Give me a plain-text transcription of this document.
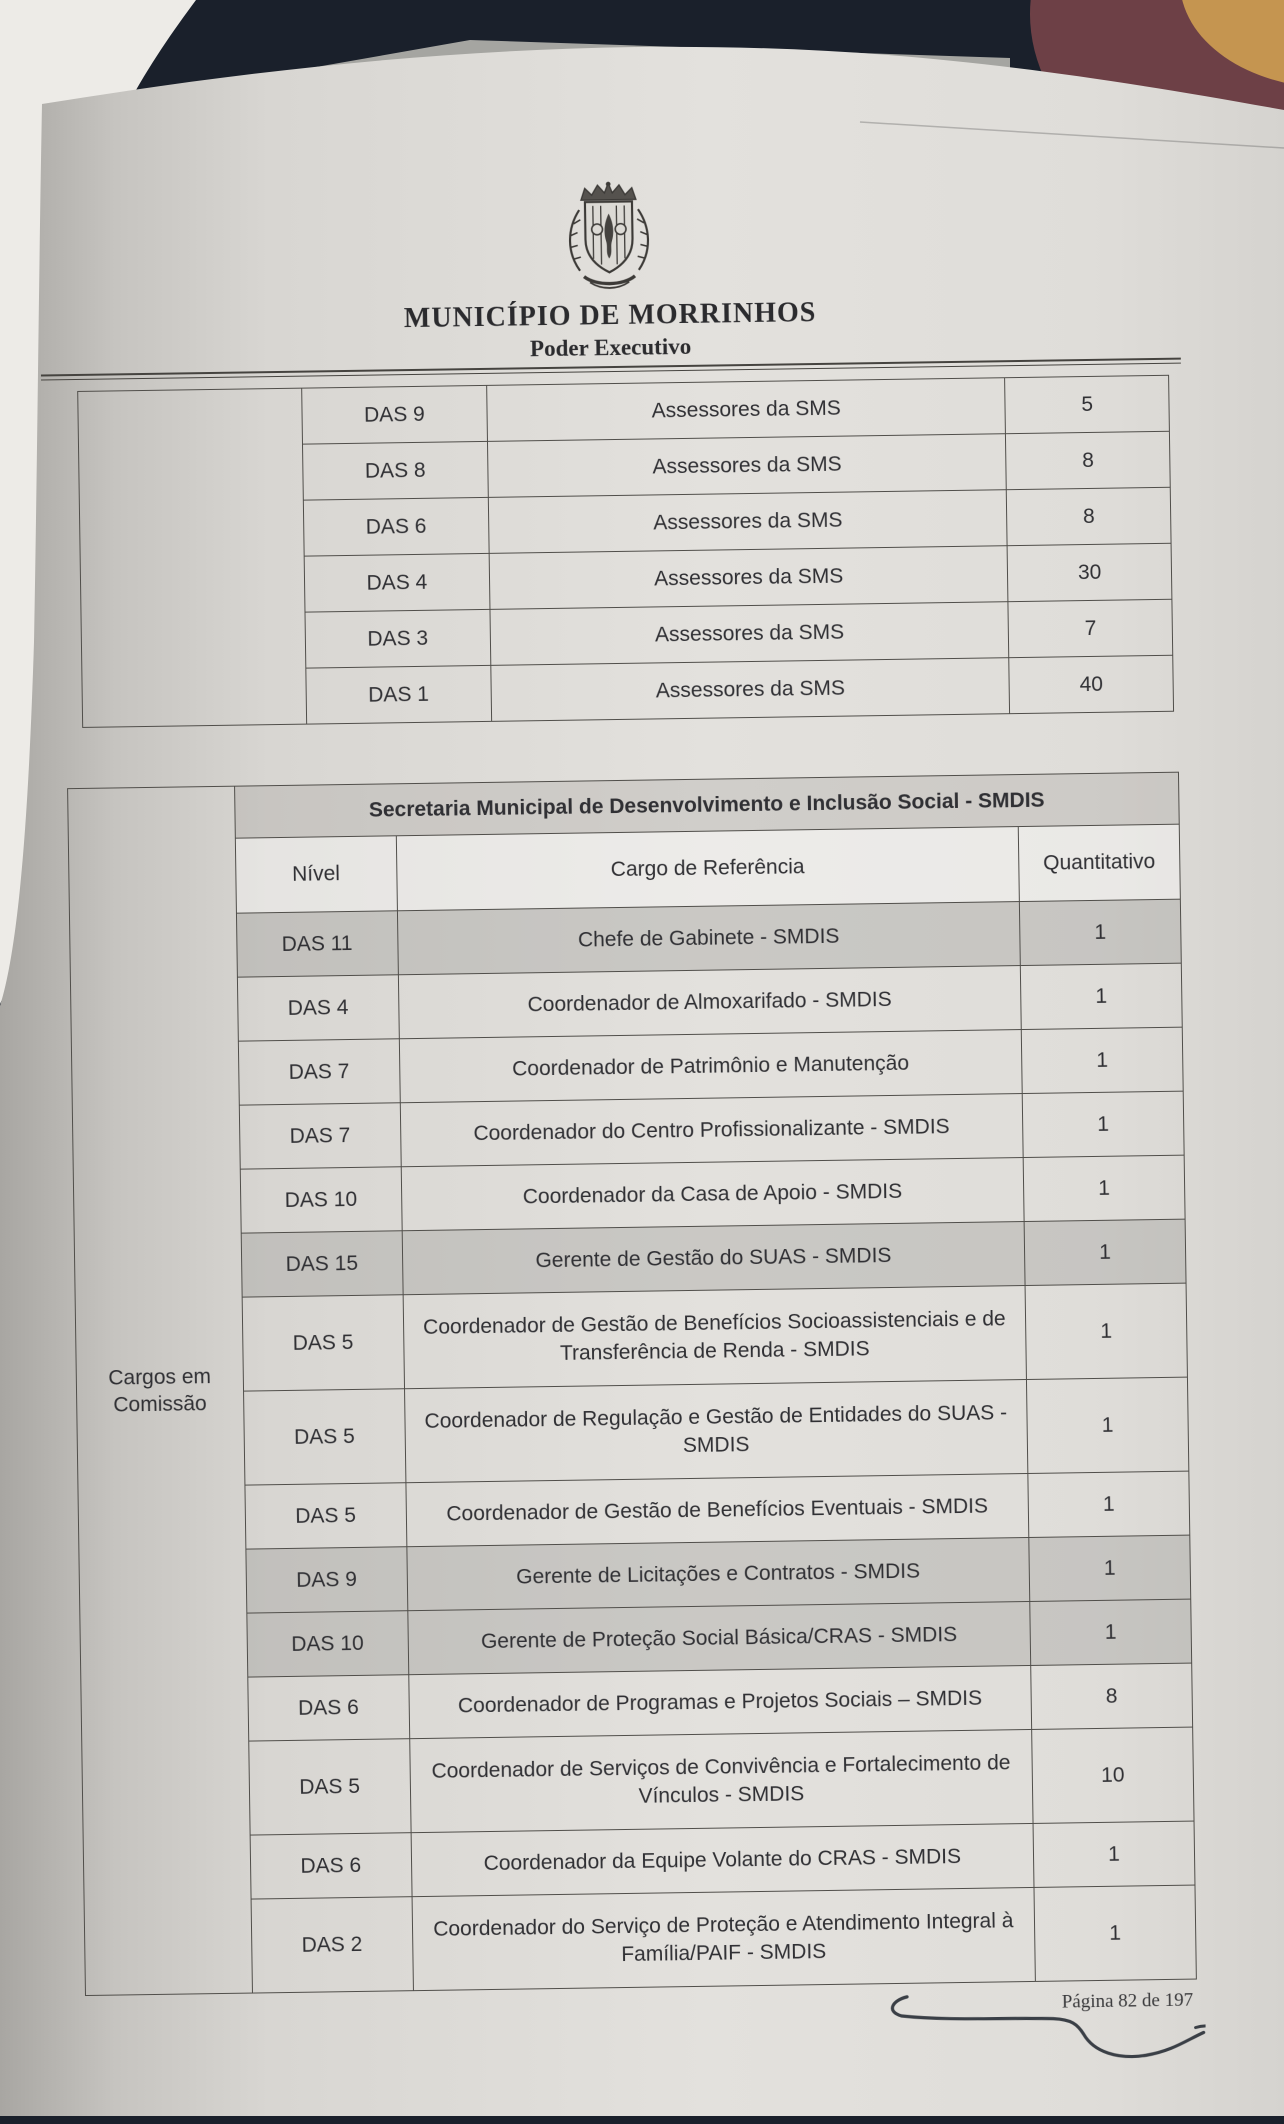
MUNICÍPIO DE MORRINHOS
Poder Executivo
	DAS 9	Assessores da SMS	5
	DAS 8	Assessores da SMS	8
	DAS 6	Assessores da SMS	8
	DAS 4	Assessores da SMS	30
	DAS 3	Assessores da SMS	7
	DAS 1	Assessores da SMS	40
Cargos em Comissão	Secretaria Municipal de Desenvolvimento e Inclusão Social - SMDIS		
	Nível	Cargo de Referência	Quantitativo
	DAS 11	Chefe de Gabinete - SMDIS	1
	DAS 4	Coordenador de Almoxarifado - SMDIS	1
	DAS 7	Coordenador de Patrimônio e Manutenção	1
	DAS 7	Coordenador do Centro Profissionalizante - SMDIS	1
	DAS 10	Coordenador da Casa de Apoio - SMDIS	1
	DAS 15	Gerente de Gestão do SUAS - SMDIS	1
	DAS 5	Coordenador de Gestão de Benefícios Socioassistenciais e de Transferência de Renda - SMDIS	1
	DAS 5	Coordenador de Regulação e Gestão de Entidades do SUAS - SMDIS	1
	DAS 5	Coordenador de Gestão de Benefícios Eventuais - SMDIS	1
	DAS 9	Gerente de Licitações e Contratos - SMDIS	1
	DAS 10	Gerente de Proteção Social Básica/CRAS - SMDIS	1
	DAS 6	Coordenador de Programas e Projetos Sociais – SMDIS	8
	DAS 5	Coordenador de Serviços de Convivência e Fortalecimento de Vínculos - SMDIS	10
	DAS 6	Coordenador da Equipe Volante do CRAS - SMDIS	1
	DAS 2	Coordenador do Serviço de Proteção e Atendimento Integral à Família/PAIF - SMDIS	1
Página 82 de 197
